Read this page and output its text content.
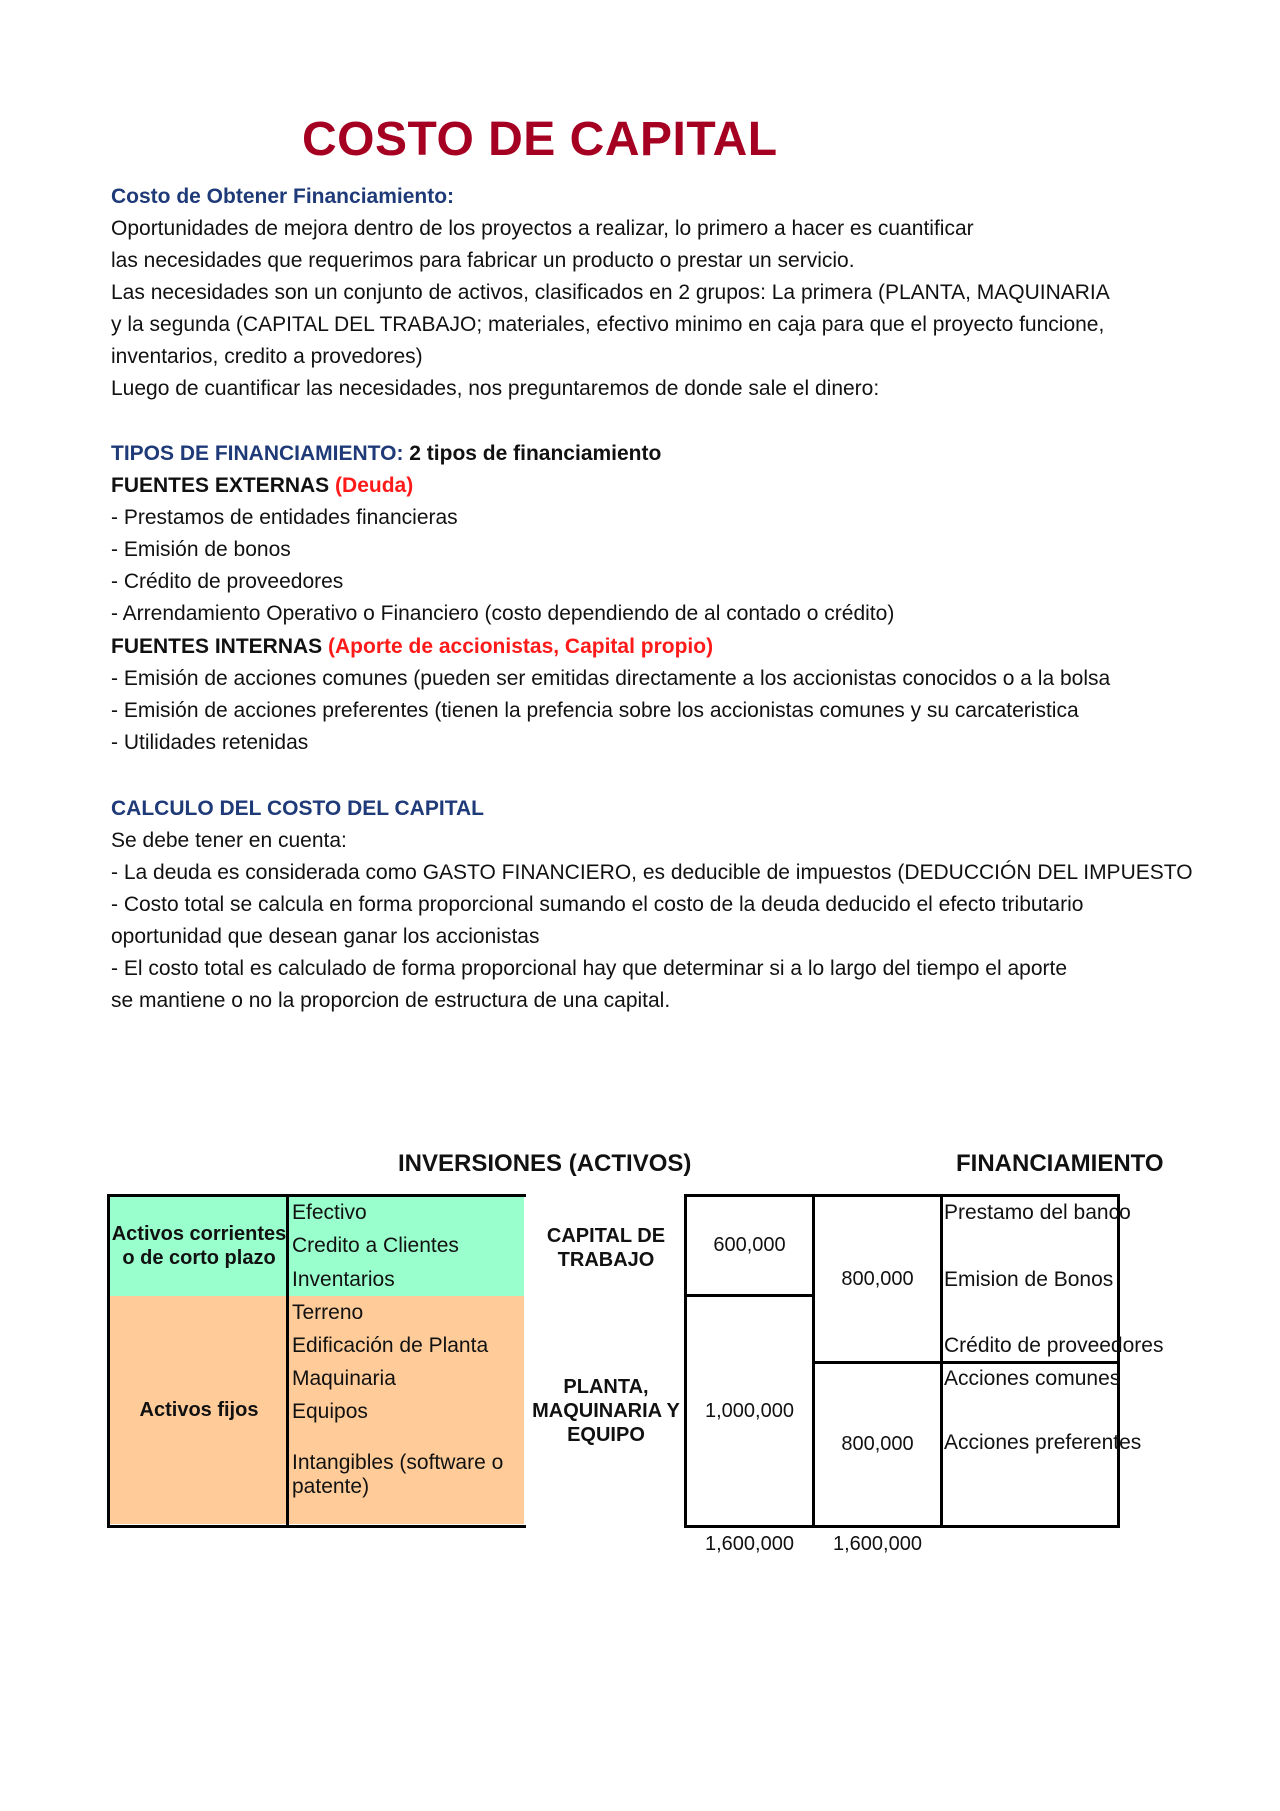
COSTO DE CAPITAL
Costo de Obtener Financiamiento:
Oportunidades de mejora dentro de los proyectos a realizar, lo primero a hacer es cuantificar
las necesidades que requerimos para fabricar un producto o prestar un servicio.
Las necesidades son un conjunto de activos, clasificados en 2 grupos: La primera (PLANTA, MAQUINARIA
y la segunda (CAPITAL DEL TRABAJO; materiales, efectivo minimo en caja para que el proyecto funcione,
inventarios, credito a provedores)
Luego de cuantificar las necesidades, nos preguntaremos de donde sale el dinero:
TIPOS DE FINANCIAMIENTO: 2 tipos de financiamiento
FUENTES EXTERNAS (Deuda)
- Prestamos de entidades financieras
- Emisión de bonos
- Crédito de proveedores
- Arrendamiento Operativo o Financiero (costo dependiendo de al contado o crédito)
FUENTES INTERNAS (Aporte de accionistas, Capital propio)
- Emisión de acciones comunes (pueden ser emitidas directamente a los accionistas conocidos o a la bolsa
- Emisión de acciones preferentes (tienen la prefencia sobre los accionistas comunes y su carcateristica
- Utilidades retenidas
CALCULO DEL COSTO DEL CAPITAL
Se debe tener en cuenta:
- La deuda es considerada como GASTO FINANCIERO, es deducible de impuestos (DEDUCCIÓN DEL IMPUESTO
- Costo total se calcula en forma proporcional sumando el costo de la deuda deducido el efecto tributario
oportunidad que desean ganar los accionistas
- El costo total es calculado de forma proporcional hay que determinar si a lo largo del tiempo el aporte
se mantiene o no la proporcion de estructura de una capital.
INVERSIONES (ACTIVOS)	FINANCIAMIENTO
Activos corrientes o de corto plazo
Activos fijos
Efectivo
Credito a Clientes
Inventarios
Terreno
Edificación de Planta
Maquinaria
Equipos
Intangibles (software o patente)
CAPITAL DE TRABAJO
PLANTA, MAQUINARIA Y EQUIPO
600,000
1,000,000
800,000
800,000
Prestamo del banco
Emision de Bonos
Crédito de proveedores
Acciones comunes
Acciones preferentes
1,600,000	1,600,000
